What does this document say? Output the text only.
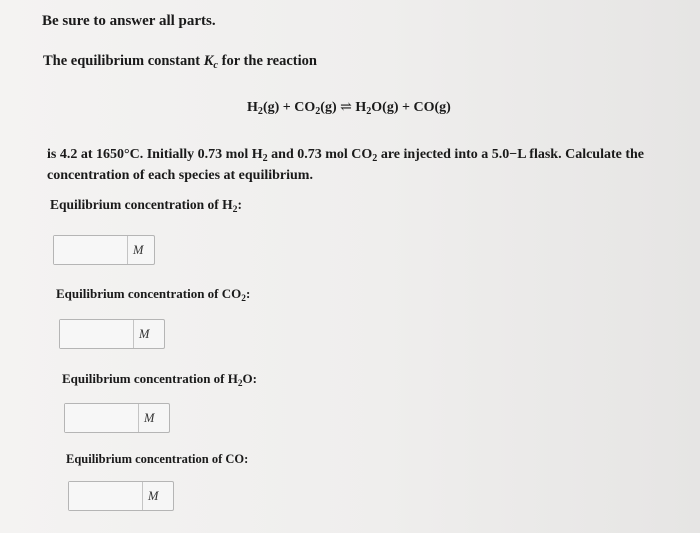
Be sure to answer all parts.
The equilibrium constant $K_c$ for the reaction
$H_2(g) + CO_2(g)$ ⇌ $H_2O(g) + CO(g)$
is 4.2 at 1650°C. Initially 0.73 mol $H_2$ and 0.73 mol $CO_2$ are injected into a 5.0−L flask. Calculate the concentration of each species at equilibrium.
Equilibrium concentration of $H_2$:
M
Equilibrium concentration of $CO_2$:
M
Equilibrium concentration of $H_2O$:
M
Equilibrium concentration of CO:
M
